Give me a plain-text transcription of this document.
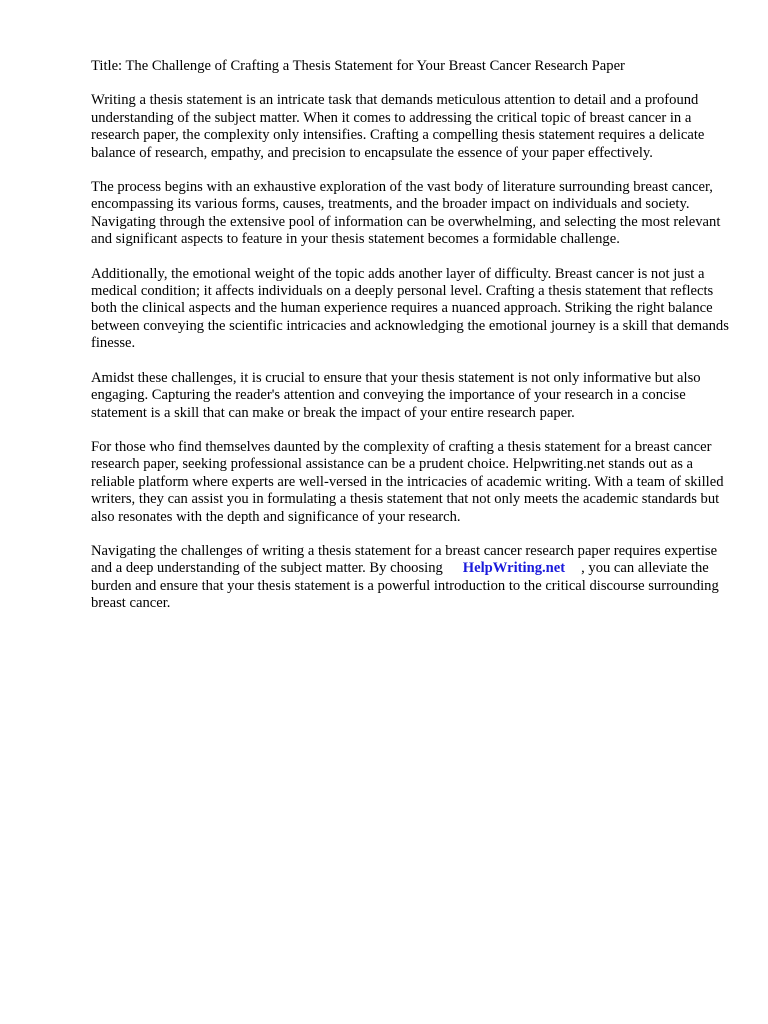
Title: The Challenge of Crafting a Thesis Statement for Your Breast Cancer Research Paper

Writing a thesis statement is an intricate task that demands meticulous attention to detail and a profound understanding of the subject matter. When it comes to addressing the critical topic of breast cancer in a research paper, the complexity only intensifies. Crafting a compelling thesis statement requires a delicate balance of research, empathy, and precision to encapsulate the essence of your paper effectively.

The process begins with an exhaustive exploration of the vast body of literature surrounding breast cancer, encompassing its various forms, causes, treatments, and the broader impact on individuals and society. Navigating through the extensive pool of information can be overwhelming, and selecting the most relevant and significant aspects to feature in your thesis statement becomes a formidable challenge.

Additionally, the emotional weight of the topic adds another layer of difficulty. Breast cancer is not just a medical condition; it affects individuals on a deeply personal level. Crafting a thesis statement that reflects both the clinical aspects and the human experience requires a nuanced approach. Striking the right balance between conveying the scientific intricacies and acknowledging the emotional journey is a skill that demands finesse.

Amidst these challenges, it is crucial to ensure that your thesis statement is not only informative but also engaging. Capturing the reader's attention and conveying the importance of your research in a concise statement is a skill that can make or break the impact of your entire research paper.

For those who find themselves daunted by the complexity of crafting a thesis statement for a breast cancer research paper, seeking professional assistance can be a prudent choice. Helpwriting.net stands out as a reliable platform where experts are well-versed in the intricacies of academic writing. With a team of skilled writers, they can assist you in formulating a thesis statement that not only meets the academic standards but also resonates with the depth and significance of your research.

Navigating the challenges of writing a thesis statement for a breast cancer research paper requires expertise and a deep understanding of the subject matter. By choosing HelpWriting.net , you can alleviate the burden and ensure that your thesis statement is a powerful introduction to the critical discourse surrounding breast cancer.
